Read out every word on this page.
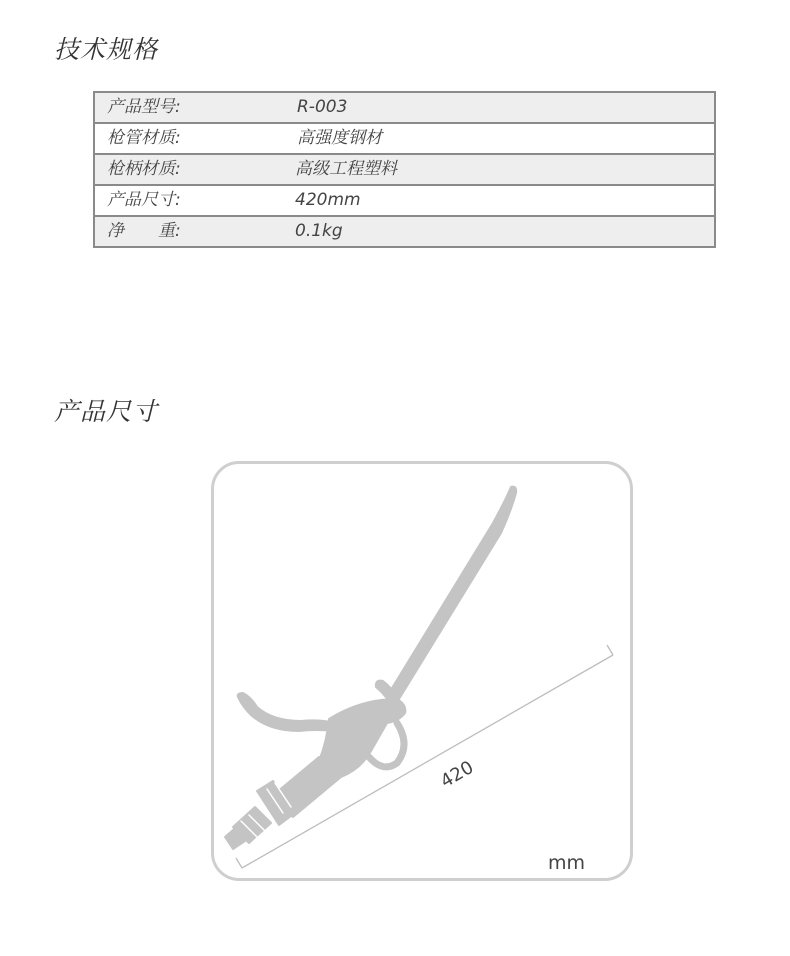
技术规格
产品型号:	R-003
枪管材质:	高强度钢材
枪柄材质:	高级工程塑料
产品尺寸:	420mm
净　　重:	0.1kg
产品尺寸
420
mm
